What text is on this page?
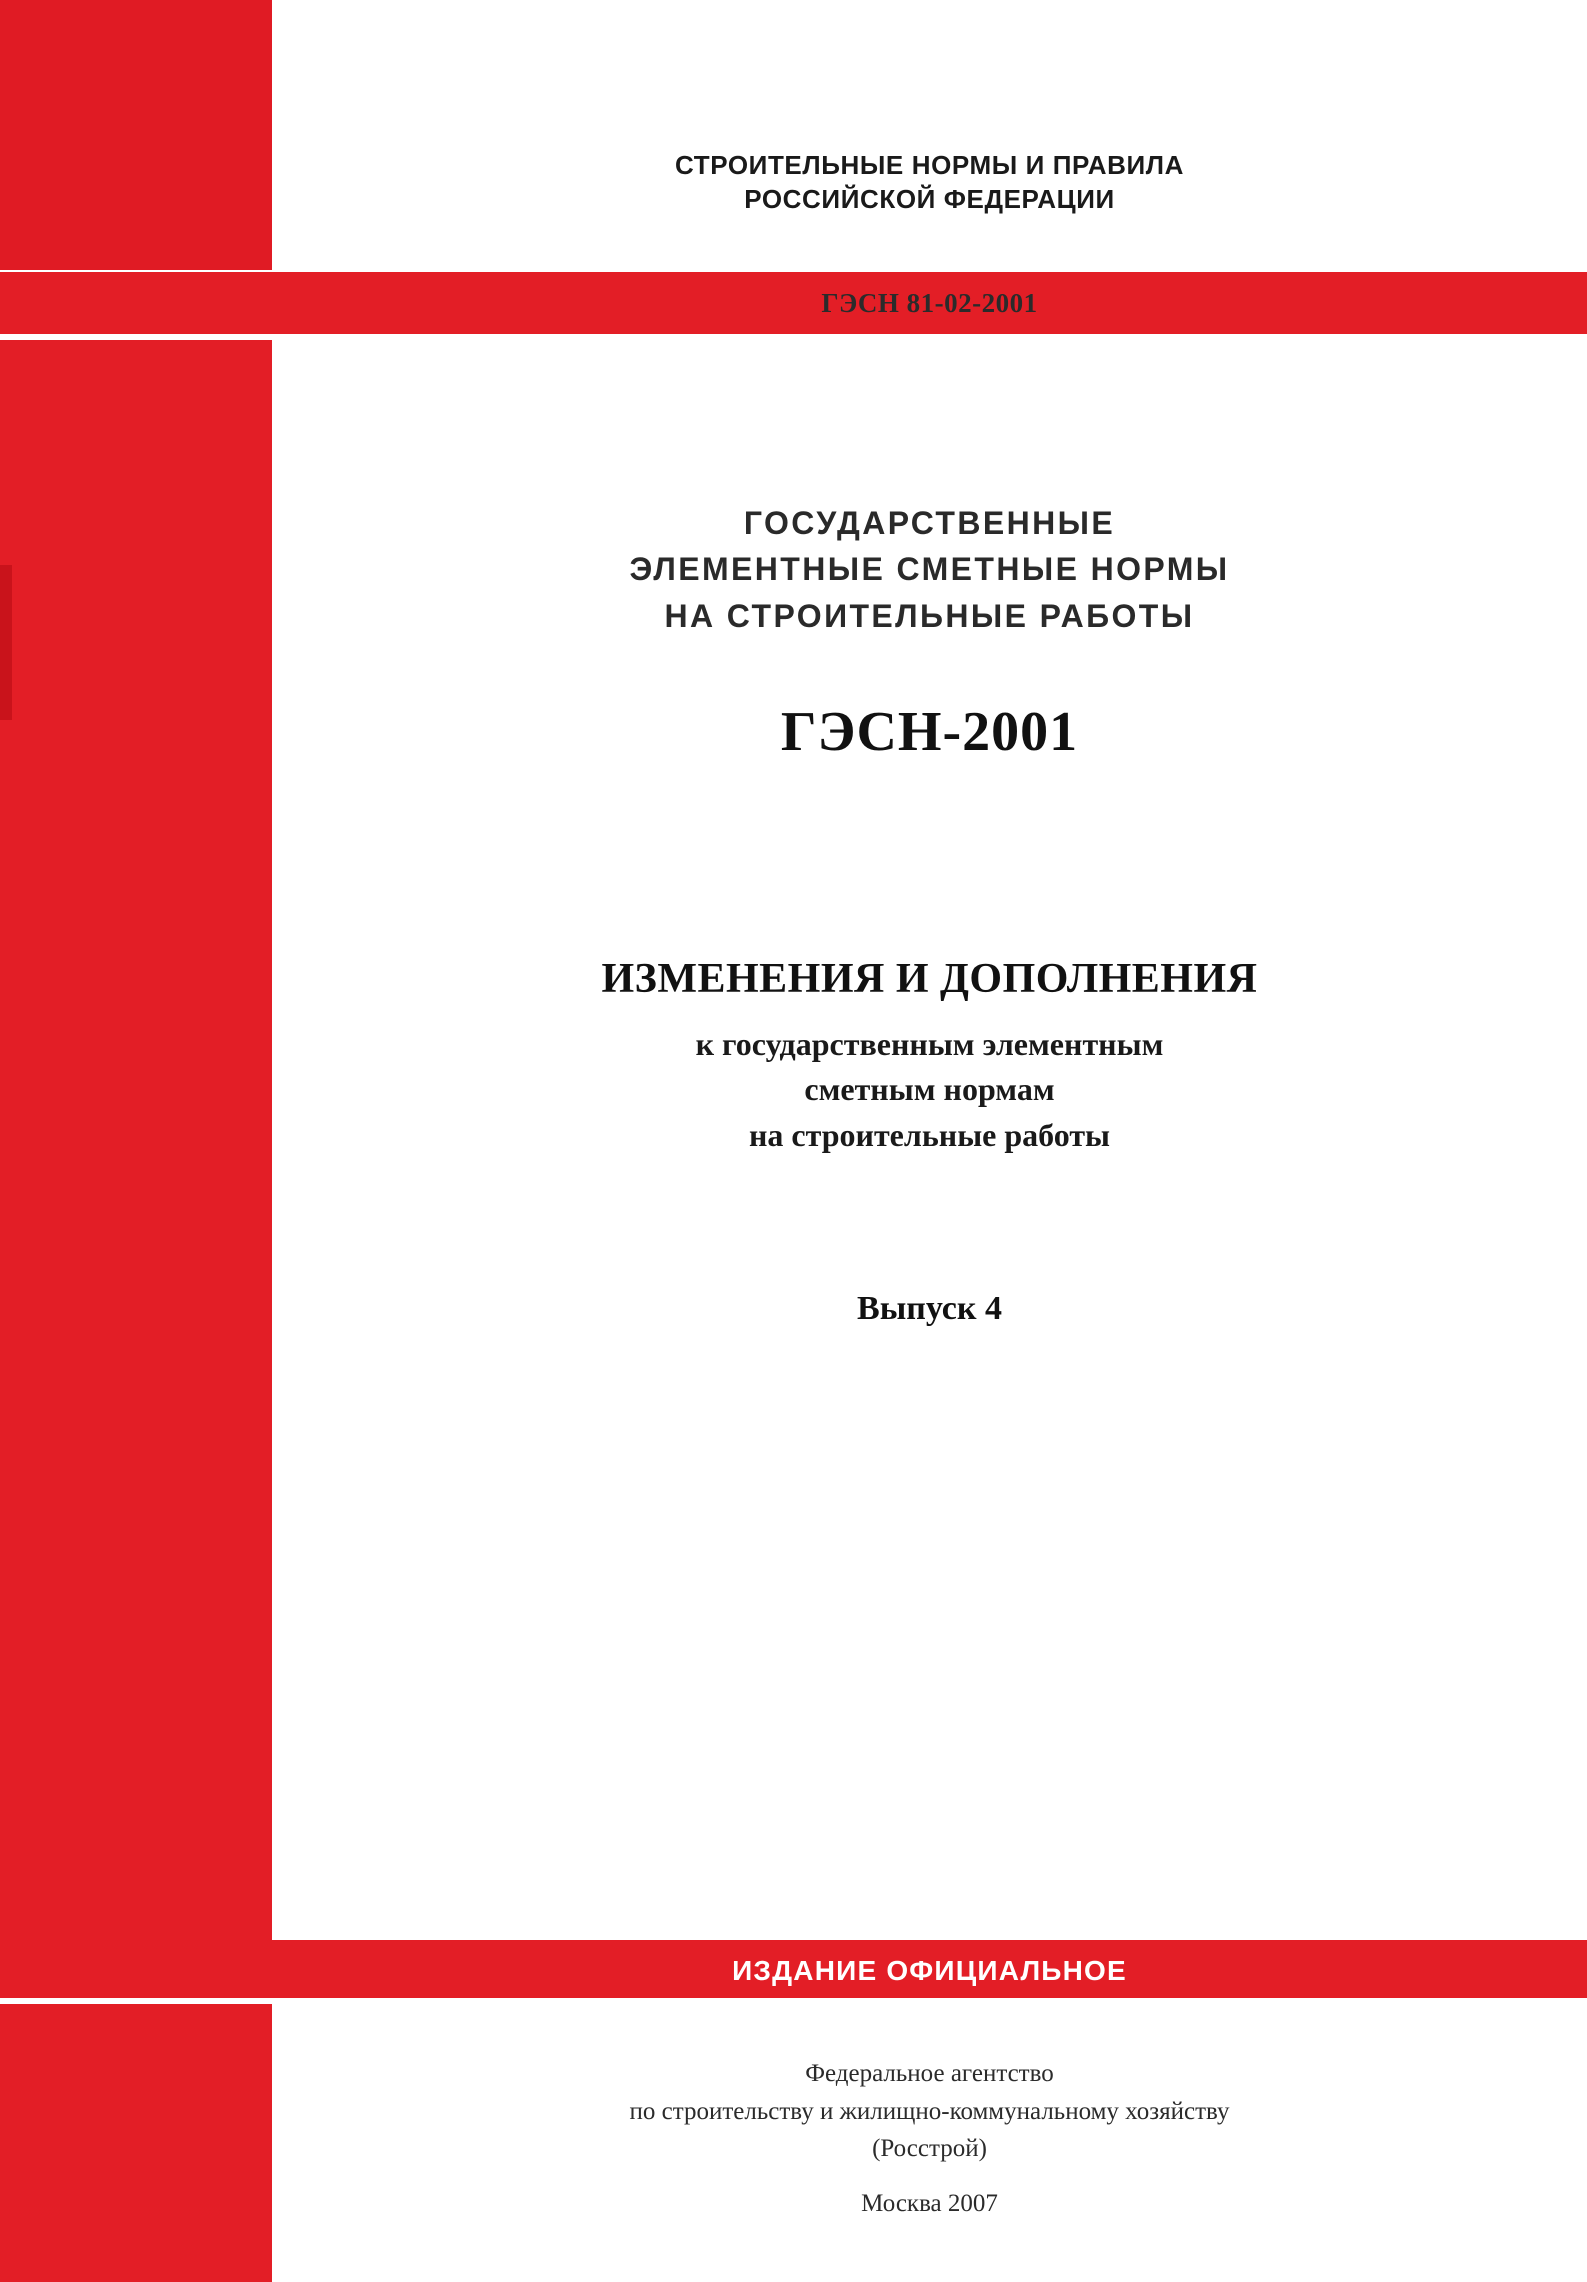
СТРОИТЕЛЬНЫЕ НОРМЫ И ПРАВИЛА
РОССИЙСКОЙ ФЕДЕРАЦИИ
ГЭСН 81-02-2001
ГОСУДАРСТВЕННЫЕ
ЭЛЕМЕНТНЫЕ СМЕТНЫЕ НОРМЫ
НА СТРОИТЕЛЬНЫЕ РАБОТЫ
ГЭСН-2001
ИЗМЕНЕНИЯ И ДОПОЛНЕНИЯ
к государственным элементным
сметным нормам
на строительные работы
Выпуск 4
ИЗДАНИЕ ОФИЦИАЛЬНОЕ
Федеральное агентство
по строительству и жилищно-коммунальному хозяйству
(Росстрой)
Москва 2007
